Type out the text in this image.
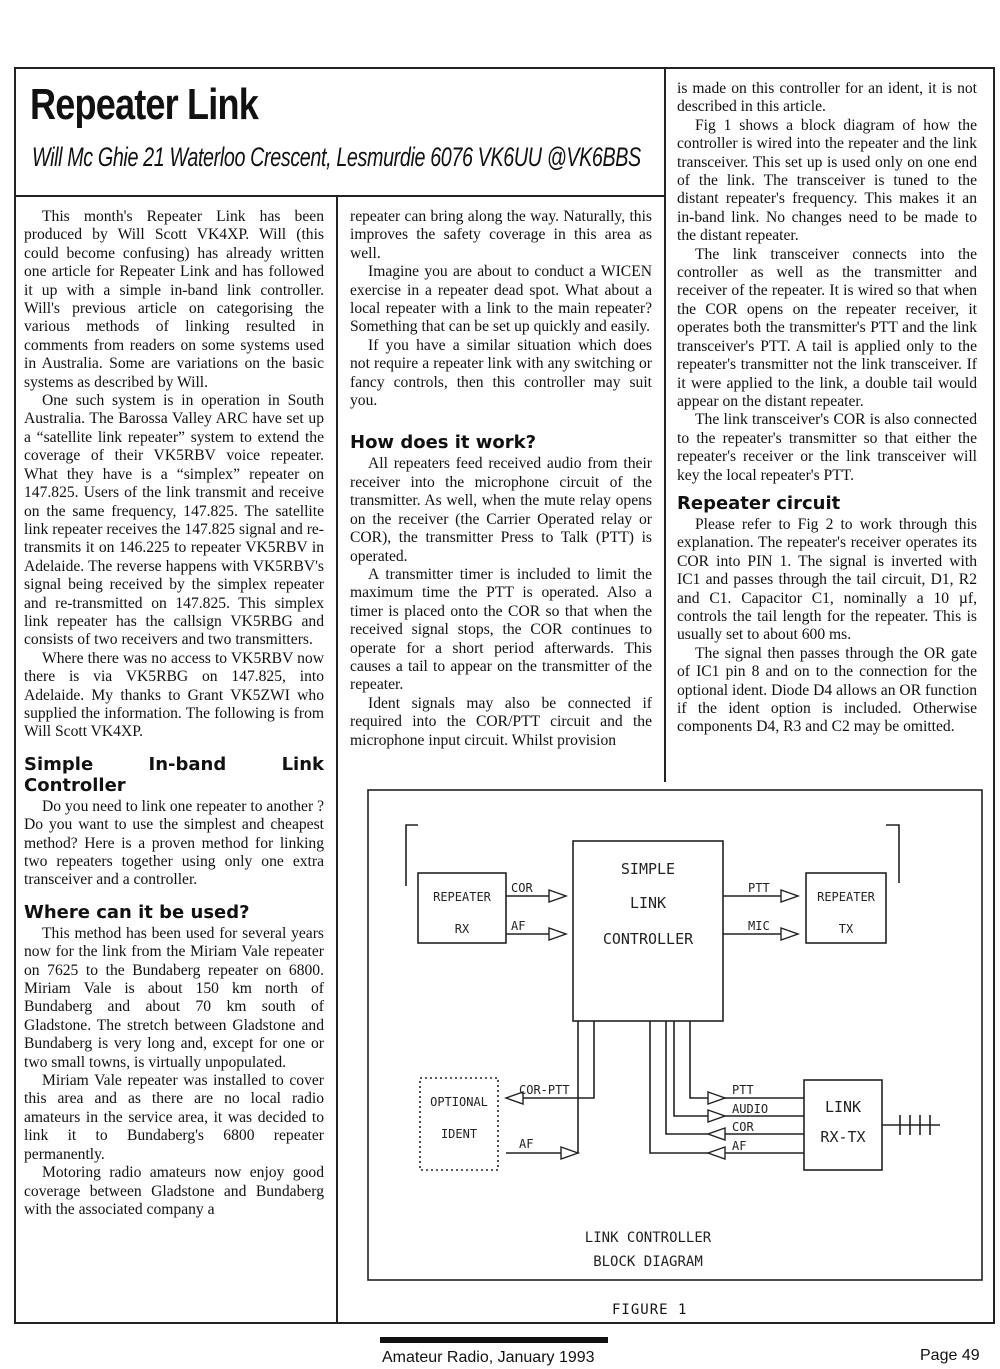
Repeater Link
Will Mc Ghie 21 Waterloo Crescent, Lesmurdie 6076 VK6UU @VK6BBS

This month's Repeater Link has been produced by Will Scott VK4XP. Will (this could become confusing) has already written one article for Repeater Link and has followed it up with a simple in-band link controller. Will's previous article on categorising the various methods of linking resulted in comments from readers on some systems used in Australia. Some are variations on the basic systems as described by Will.

One such system is in operation in South Australia. The Barossa Valley ARC have set up a “satellite link repeater” system to extend the coverage of their VK5RBV voice repeater. What they have is a “simplex” repeater on 147.825. Users of the link transmit and receive on the same frequency, 147.825. The satellite link repeater receives the 147.825 signal and re-transmits it on 146.225 to repeater VK5RBV in Adelaide. The reverse happens with VK5RBV's signal being received by the simplex repeater and re-transmitted on 147.825. This simplex link repeater has the callsign VK5RBG and consists of two receivers and two transmitters.

Where there was no access to VK5RBV now there is via VK5RBG on 147.825, into Adelaide. My thanks to Grant VK5ZWI who supplied the information. The following is from Will Scott VK4XP.

Simple In-band Link Controller

Do you need to link one repeater to another ? Do you want to use the simplest and cheapest method? Here is a proven method for linking two repeaters together using only one extra transceiver and a controller.

Where can it be used?

This method has been used for several years now for the link from the Miriam Vale repeater on 7625 to the Bundaberg repeater on 6800. Miriam Vale is about 150 km north of Bundaberg and about 70 km south of Gladstone. The stretch between Gladstone and Bundaberg is very long and, except for one or two small towns, is virtually unpopulated.

Miriam Vale repeater was installed to cover this area and as there are no local radio amateurs in the service area, it was decided to link it to Bundaberg's 6800 repeater permanently.

Motoring radio amateurs now enjoy good coverage between Gladstone and Bundaberg with the associated company a

repeater can bring along the way. Naturally, this improves the safety coverage in this area as well.

Imagine you are about to conduct a WICEN exercise in a repeater dead spot. What about a local repeater with a link to the main repeater? Something that can be set up quickly and easily.

If you have a similar situation which does not require a repeater link with any switching or fancy controls, then this controller may suit you.

How does it work?

All repeaters feed received audio from their receiver into the microphone circuit of the transmitter. As well, when the mute relay opens on the receiver (the Carrier Operated relay or COR), the transmitter Press to Talk (PTT) is operated.

A transmitter timer is included to limit the maximum time the PTT is operated. Also a timer is placed onto the COR so that when the received signal stops, the COR continues to operate for a short period afterwards. This causes a tail to appear on the transmitter of the repeater.

Ident signals may also be connected if required into the COR/PTT circuit and the microphone input circuit. Whilst provision

is made on this controller for an ident, it is not described in this article.

Fig 1 shows a block diagram of how the controller is wired into the repeater and the link transceiver. This set up is used only on one end of the link. The transceiver is tuned to the distant repeater's frequency. This makes it an in-band link. No changes need to be made to the distant repeater.

The link transceiver connects into the controller as well as the transmitter and receiver of the repeater. It is wired so that when the COR opens on the repeater receiver, it operates both the transmitter's PTT and the link transceiver's PTT. A tail is applied only to the repeater's transmitter not the link transceiver. If it were applied to the link, a double tail would appear on the distant repeater.

The link transceiver's COR is also connected to the repeater's transmitter so that either the repeater's receiver or the link transceiver will key the local repeater's PTT.

Repeater circuit

Please refer to Fig 2 to work through this explanation. The repeater's receiver operates its COR into PIN 1. The signal is inverted with IC1 and passes through the tail circuit, D1, R2 and C1. Capacitor C1, nominally a 10 µf, controls the tail length for the repeater. This is usually set to about 600 ms.

The signal then passes through the OR gate of IC1 pin 8 and on to the connection for the optional ident. Diode D4 allows an OR function if the ident option is included. Otherwise components D4, R3 and C2 may be omitted.

SIMPLE
LINK
CONTROLLER
REPEATER
RX
REPEATER
TX
COR
AF
PTT
MIC
OPTIONAL
IDENT
COR-PTT
AF
PTT
AUDIO
COR
AF
LINK
RX-TX
LINK CONTROLLER
BLOCK DIAGRAM
FIGURE 1
Amateur Radio, January 1993	Page 49
